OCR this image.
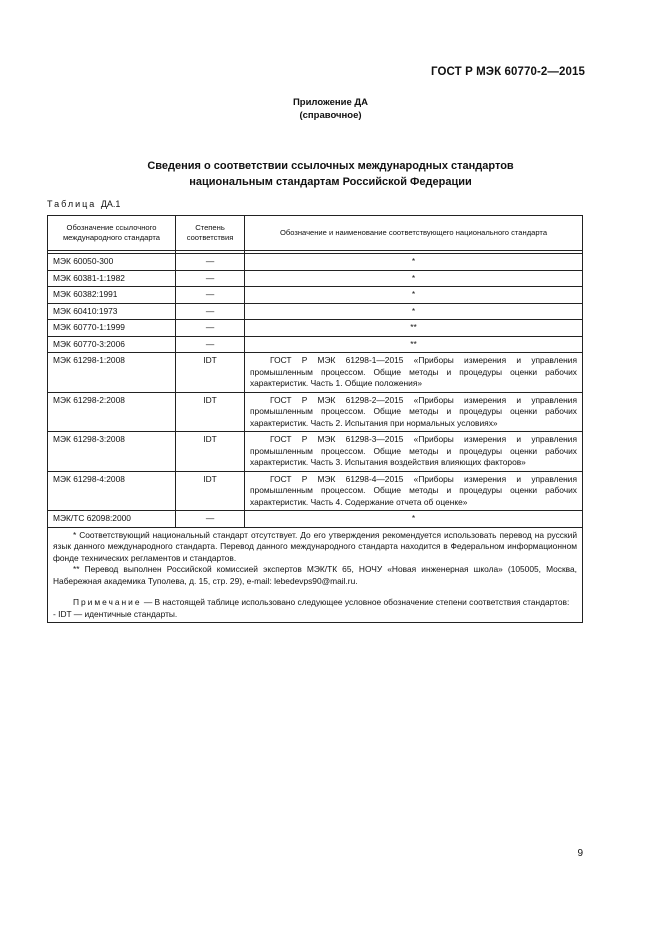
ГОСТ Р МЭК 60770-2—2015
Приложение ДА
(справочное)
Сведения о соответствии ссылочных международных стандартов
национальным стандартам Российской Федерации
Таблица ДА.1
Обозначение ссылочного международного стандарта	Степень соответствия	Обозначение и наименование соответствующего национального стандарта

МЭК 60050-300	—	*
МЭК 60381-1:1982	—	*
МЭК 60382:1991	—	*
МЭК 60410:1973	—	*
МЭК 60770-1:1999	—	**
МЭК 60770-3:2006	—	**
МЭК 61298-1:2008	IDT	ГОСТ Р МЭК 61298-1—2015 «Приборы измерения и управления промышленным процессом. Общие методы и процедуры оценки рабочих характеристик. Часть 1. Общие положения»
МЭК 61298-2:2008	IDT	ГОСТ Р МЭК 61298-2—2015 «Приборы измерения и управления промышленным процессом. Общие методы и процедуры оценки рабочих характеристик. Часть 2. Испытания при нормальных условиях»
МЭК 61298-3:2008	IDT	ГОСТ Р МЭК 61298-3—2015 «Приборы измерения и управления промышленным процессом. Общие методы и процедуры оценки рабочих характеристик. Часть 3. Испытания воздействия влияющих факторов»
МЭК 61298-4:2008	IDT	ГОСТ Р МЭК 61298-4—2015 «Приборы измерения и управления промышленным процессом. Общие методы и процедуры оценки рабочих характеристик. Часть 4. Содержание отчета об оценке»
МЭК/ТС 62098:2000	—	*

* Соответствующий национальный стандарт отсутствует. До его утверждения рекомендуется использовать перевод на русский язык данного международного стандарта. Перевод данного международного стандарта находится в Федеральном информационном фонде технических регламентов и стандартов.

** Перевод выполнен Российской комиссией экспертов МЭК/ТК 65, НОЧУ «Новая инженерная школа» (105005, Москва, Набережная академика Туполева, д. 15, стр. 29), e-mail: lebedevps90@mail.ru.

Примечание — В настоящей таблице использовано следующее условное обозначение степени соответствия стандартов:

- IDT — идентичные стандарты.		

9
